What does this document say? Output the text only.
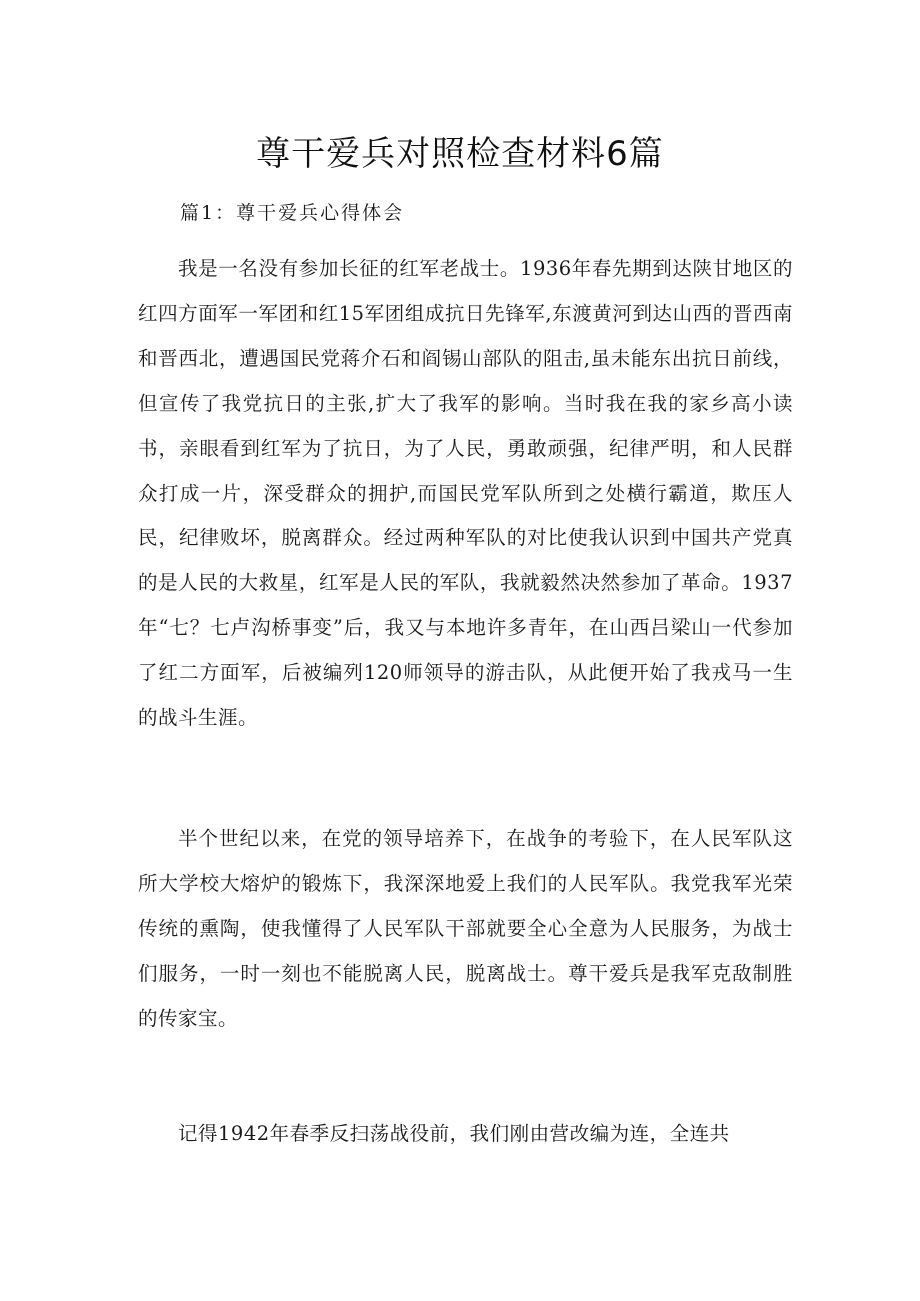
尊干爱兵对照检查材料6篇

篇1：尊干爱兵心得体会

我是一名没有参加长征的红军老战士。1936年春先期到达陕甘地区的红四方面军一军团和红15军团组成抗日先锋军,东渡黄河到达山西的晋西南和晋西北，遭遇国民党蒋介石和阎锡山部队的阻击,虽未能东出抗日前线，但宣传了我党抗日的主张,扩大了我军的影响。当时我在我的家乡高小读书，亲眼看到红军为了抗日，为了人民，勇敢顽强，纪律严明，和人民群众打成一片，深受群众的拥护,而国民党军队所到之处横行霸道，欺压人民，纪律败坏，脱离群众。经过两种军队的对比使我认识到中国共产党真的是人民的大救星，红军是人民的军队，我就毅然决然参加了革命。1937年“七？七卢沟桥事变”后，我又与本地许多青年，在山西吕梁山一代参加了红二方面军，后被编列120师领导的游击队，从此便开始了我戎马一生的战斗生涯。

半个世纪以来，在党的领导培养下，在战争的考验下，在人民军队这所大学校大熔炉的锻炼下，我深深地爱上我们的人民军队。我党我军光荣传统的熏陶，使我懂得了人民军队干部就要全心全意为人民服务，为战士们服务，一时一刻也不能脱离人民，脱离战士。尊干爱兵是我军克敌制胜的传家宝。

记得1942年春季反扫荡战役前，我们刚由营改编为连，全连共
